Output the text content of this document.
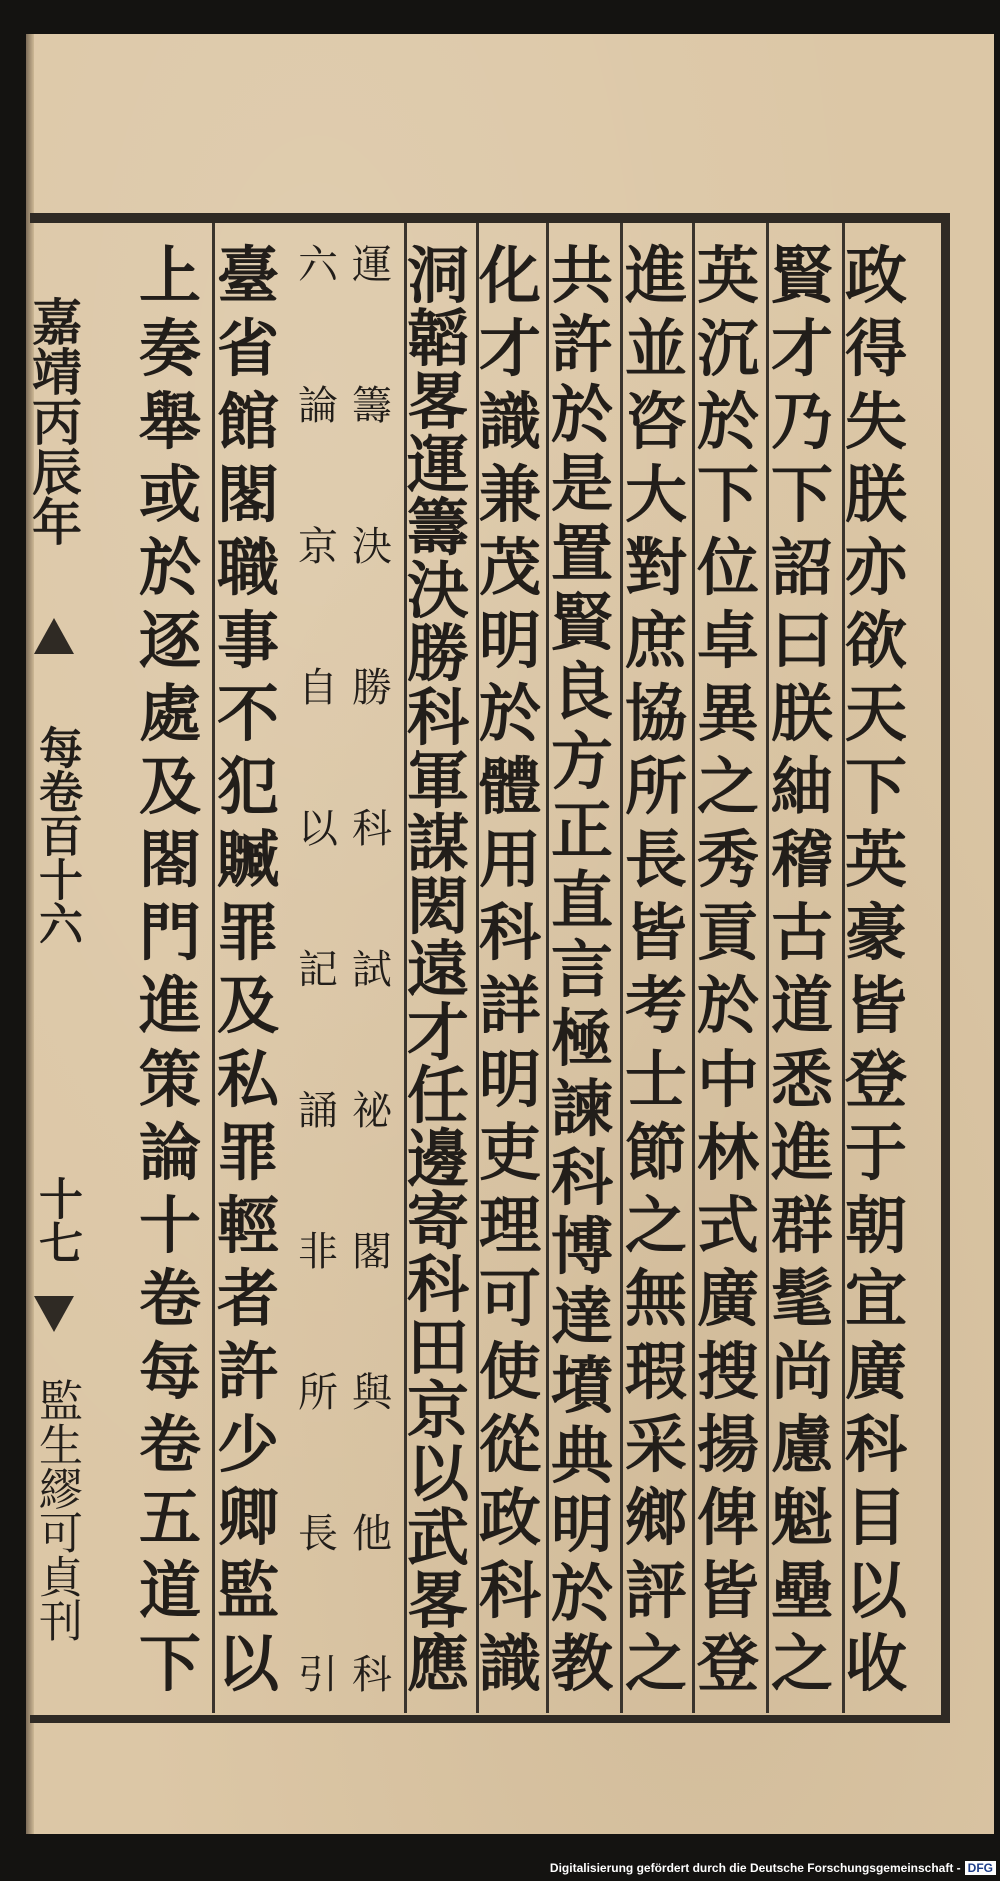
政
得
失
朕
亦
欲
天
下
英
豪
皆
登
于
朝
宜
廣
科
目
以
收
賢
才
乃
下
詔
曰
朕
紬
稽
古
道
悉
進
群
髦
尚
慮
魁
壘
之
英
沉
於
下
位
卓
異
之
秀
貢
於
中
林
式
廣
搜
揚
俾
皆
登
進
並
咨
大
對
庶
協
所
長
皆
考
士
節
之
無
瑕
采
鄉
評
之
共
許
於
是
置
賢
良
方
正
直
言
極
諫
科
博
達
墳
典
明
於
教
化
才
識
兼
茂
明
於
體
用
科
詳
明
吏
理
可
使
從
政
科
識
洞
韜
畧
運
籌
決
勝
科
軍
謀
閎
遠
才
任
邊
寄
科
田
京
以
武
畧
應
運
籌
決
勝
科
試
祕
閣
與
他
科
六
論
京
自
以
記
誦
非
所
長
引
臺
省
館
閣
職
事
不
犯
贓
罪
及
私
罪
輕
者
許
少
卿
監
以
上
奏
舉
或
於
逐
處
及
閤
門
進
策
論
十
卷
每
卷
五
道
下
嘉靖丙辰年
每卷百十六
十七
監生繆可貞刊
Digitalisierung gefördert durch die Deutsche Forschungsgemeinschaft - DFG
